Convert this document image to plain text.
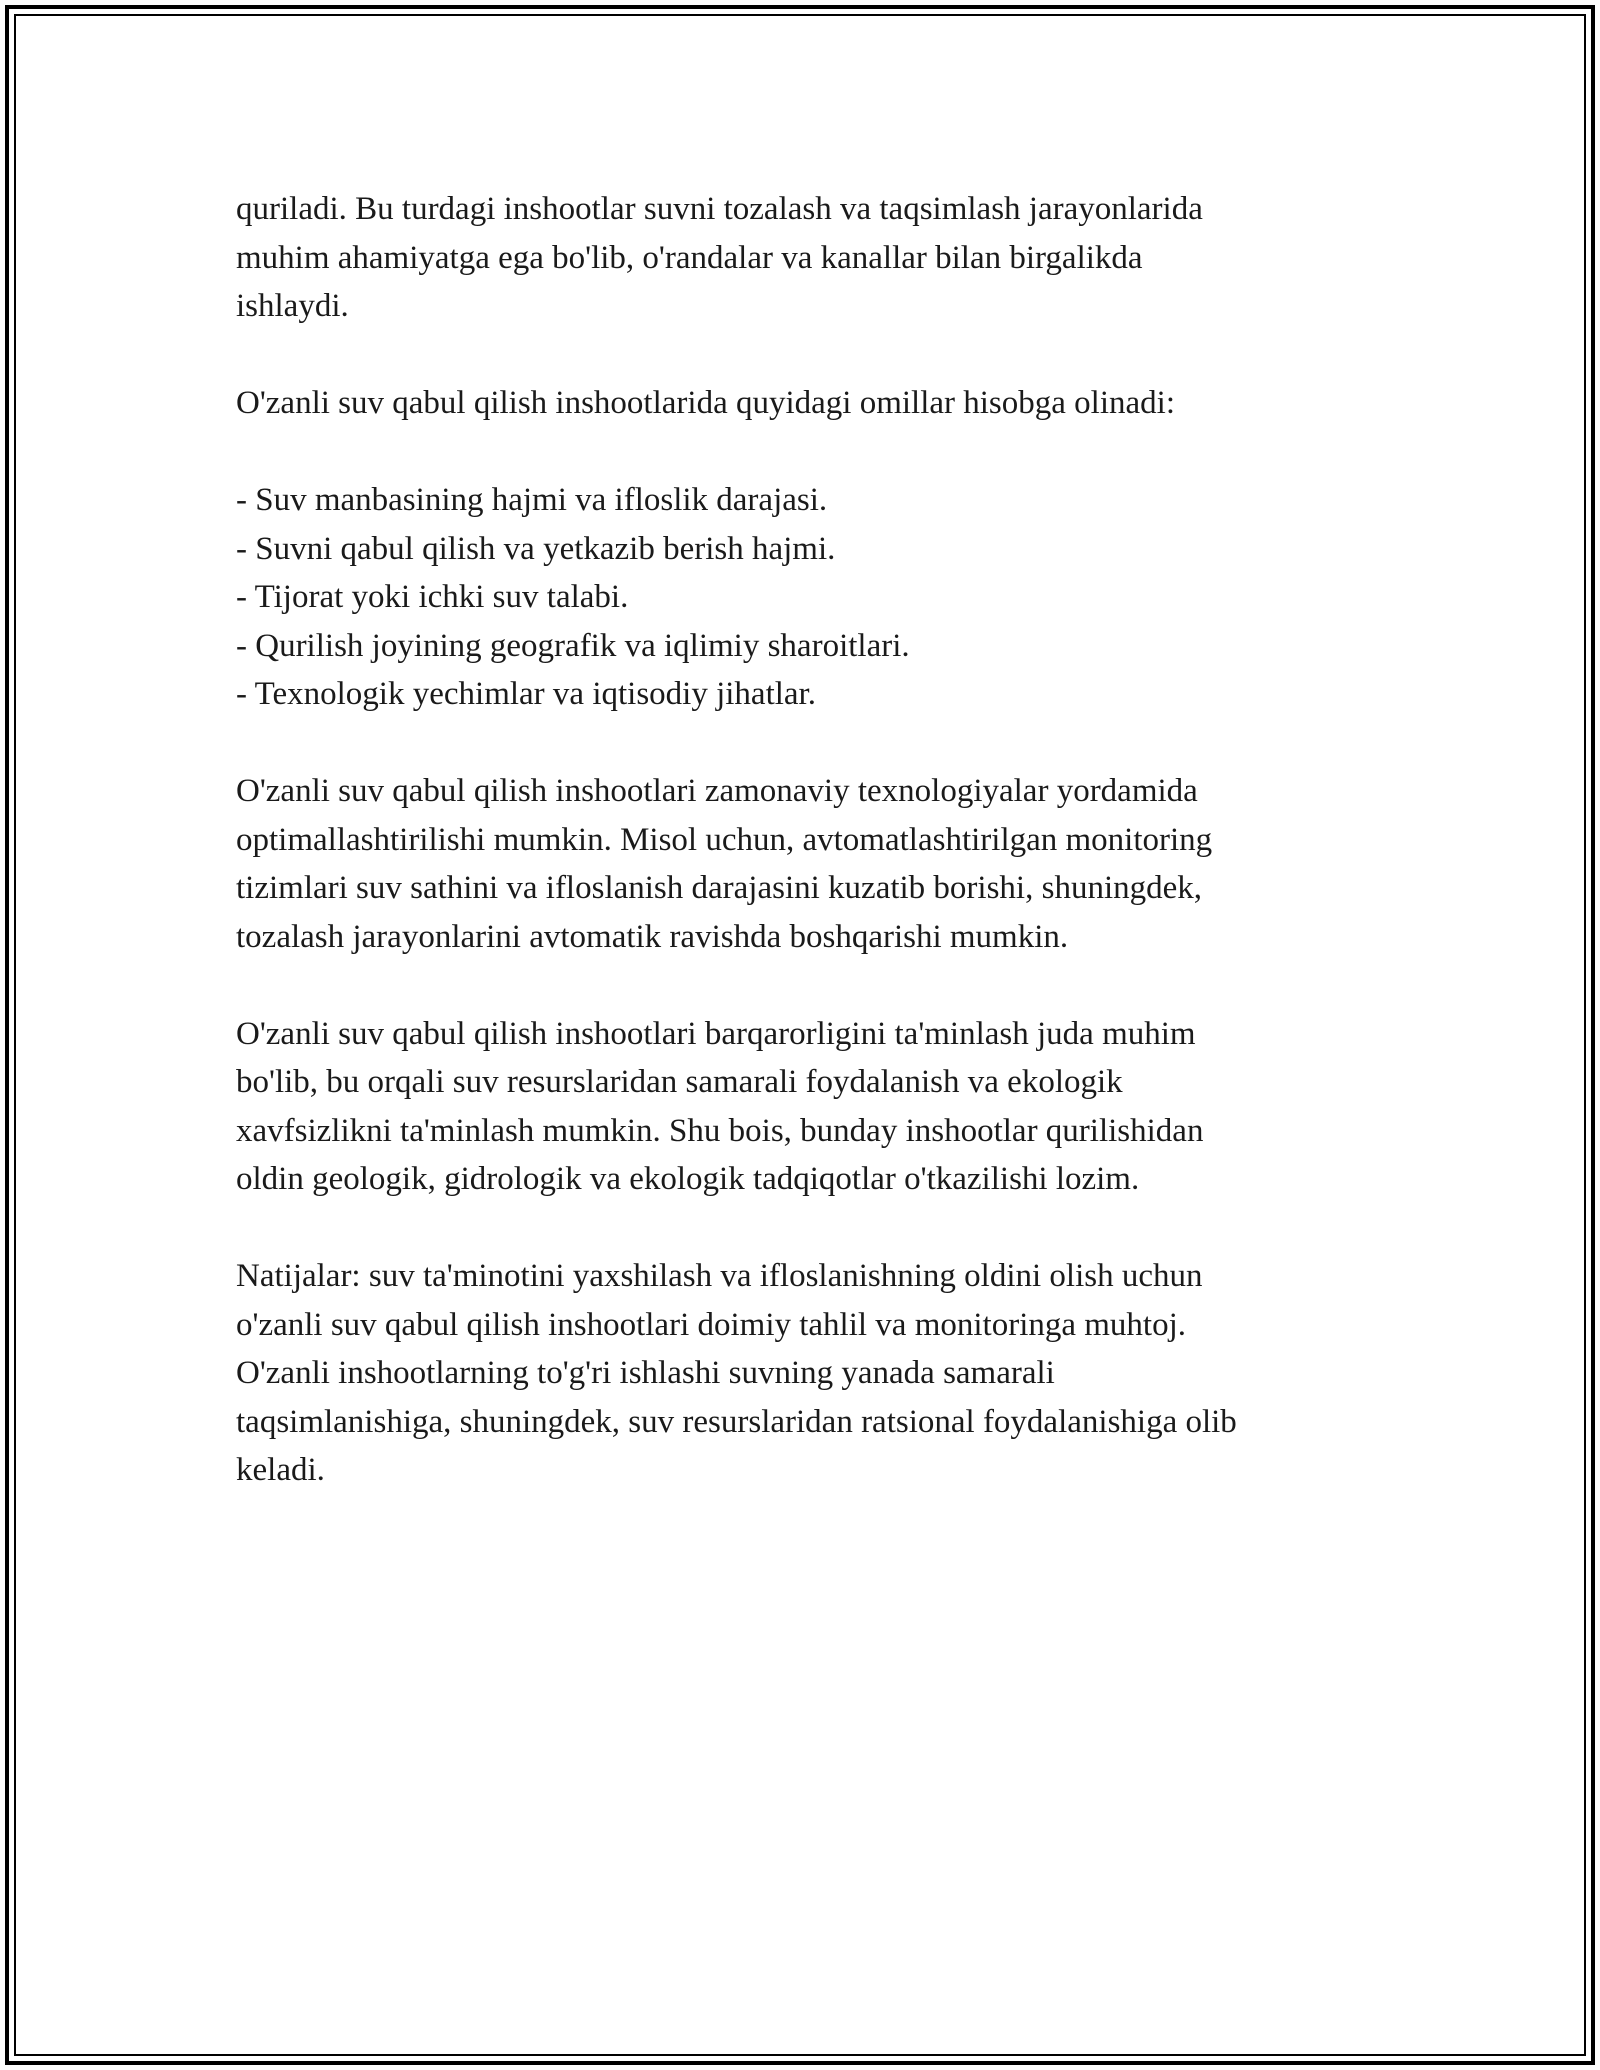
quriladi. Bu turdagi inshootlar suvni tozalash va taqsimlash jarayonlarida
muhim ahamiyatga ega bo'lib, o'randalar va kanallar bilan birgalikda
ishlaydi.

O'zanli suv qabul qilish inshootlarida quyidagi omillar hisobga olinadi:

- Suv manbasining hajmi va ifloslik darajasi.
- Suvni qabul qilish va yetkazib berish hajmi.
- Tijorat yoki ichki suv talabi.
- Qurilish joyining geografik va iqlimiy sharoitlari.
- Texnologik yechimlar va iqtisodiy jihatlar.

O'zanli suv qabul qilish inshootlari zamonaviy texnologiyalar yordamida
optimallashtirilishi mumkin. Misol uchun, avtomatlashtirilgan monitoring
tizimlari suv sathini va ifloslanish darajasini kuzatib borishi, shuningdek,
tozalash jarayonlarini avtomatik ravishda boshqarishi mumkin.

O'zanli suv qabul qilish inshootlari barqarorligini ta'minlash juda muhim
bo'lib, bu orqali suv resurslaridan samarali foydalanish va ekologik
xavfsizlikni ta'minlash mumkin. Shu bois, bunday inshootlar qurilishidan
oldin geologik, gidrologik va ekologik tadqiqotlar o'tkazilishi lozim.

Natijalar: suv ta'minotini yaxshilash va ifloslanishning oldini olish uchun
o'zanli suv qabul qilish inshootlari doimiy tahlil va monitoringa muhtoj.
O'zanli inshootlarning to'g'ri ishlashi suvning yanada samarali
taqsimlanishiga, shuningdek, suv resurslaridan ratsional foydalanishiga olib
keladi.
